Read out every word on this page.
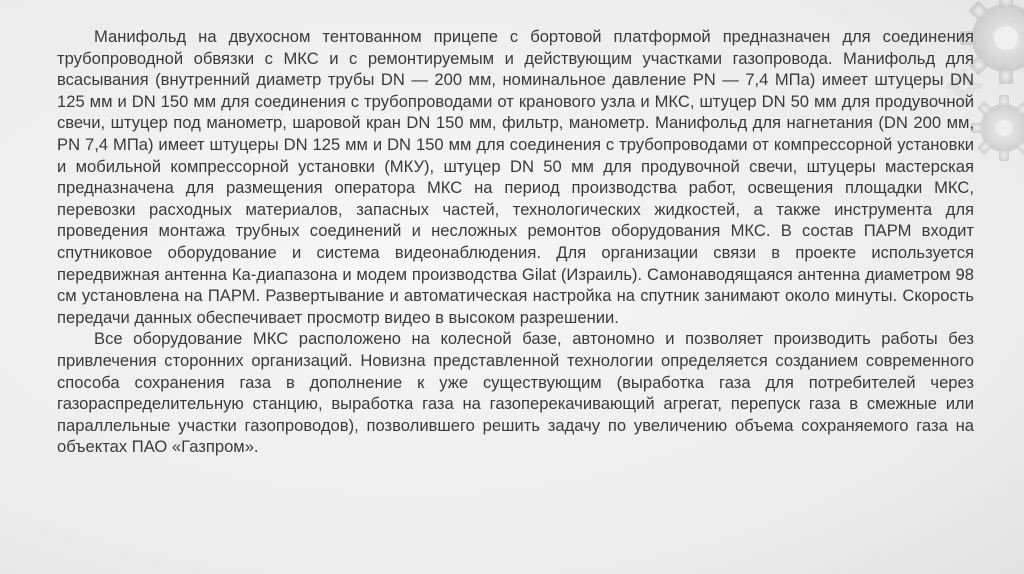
Манифольд на двухосном тентованном прицепе с бортовой платформой предназначен для соединения трубопроводной обвязки с МКС и с ремонтируемым и действующим участками газопровода. Манифольд для всасывания (внутренний диаметр трубы DN — 200 мм, номинальное давление PN — 7,4 МПа) имеет штуцеры DN 125 мм и DN 150 мм для соединения с трубопроводами от кранового узла и МКС, штуцер DN 50 мм для продувочной свечи, штуцер под манометр, шаровой кран DN 150 мм, фильтр, манометр. Манифольд для нагнетания (DN 200 мм, PN 7,4 МПа) имеет штуцеры DN 125 мм и DN 150 мм для соединения с трубопроводами от компрессорной установки и мобильной компрессорной установки (МКУ), штуцер DN 50 мм для продувочной свечи, штуцеры мастерская предназначена для размещения оператора МКС на период производства работ, освещения площадки МКС, перевозки расходных материалов, запасных частей, технологических жидкостей, а также инструмента для проведения монтажа трубных соединений и несложных ремонтов оборудования МКС. В состав ПАРМ входит спутниковое оборудование и система видеонаблюдения. Для организации связи в проекте используется передвижная антенна Ка-диапазона и модем производства Gilat (Израиль). Самонаводящаяся антенна диаметром 98 см установлена на ПАРМ. Развертывание и автоматическая настройка на спутник занимают около минуты. Скорость передачи данных обеспечивает просмотр видео в высоком разрешении.

Все оборудование МКС расположено на колесной базе, автономно и позволяет производить работы без привлечения сторонних организаций. Новизна представленной технологии определяется созданием современного способа сохранения газа в дополнение к уже существующим (выработка газа для потребителей через газораспределительную станцию, выработка газа на газоперекачивающий агрегат, перепуск газа в смежные или параллельные участки газопроводов), позволившего решить задачу по увеличению объема сохраняемого газа на объектах ПАО «Газпром».
